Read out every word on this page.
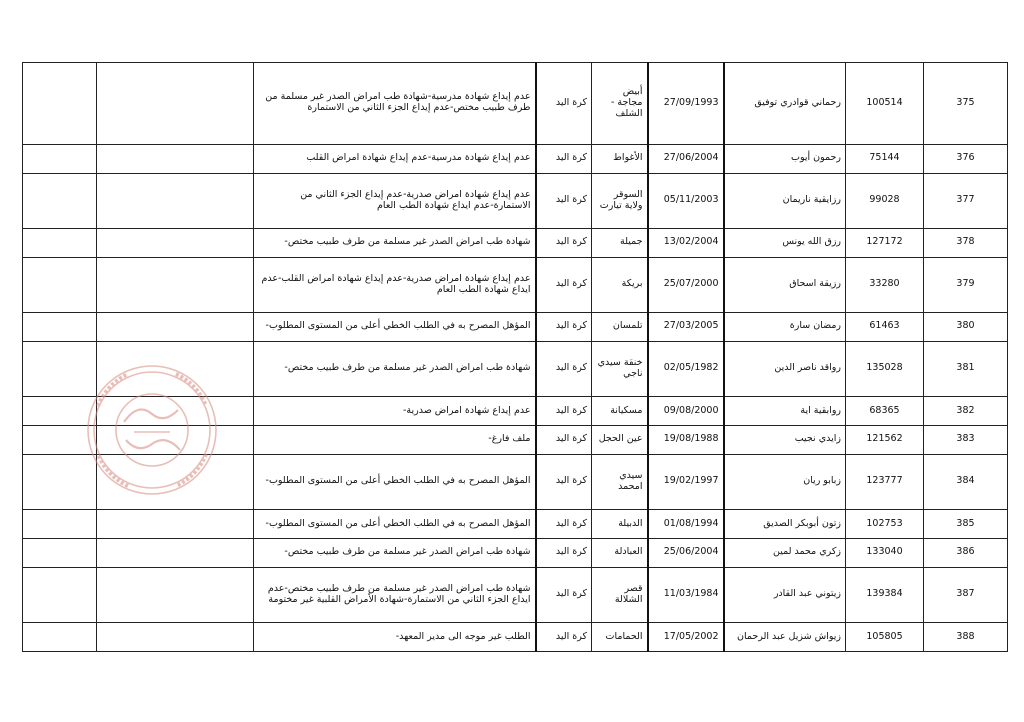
375	100514	رحماني قوادري توفيق	27/09/1993	أبيض مجاجة - الشلف	كرة اليد	عدم إيداع شهادة مدرسية-شهادة طب امراض الصدر غير مسلمة من طرف طبيب مختص-عدم إيداع الجزء الثاني من الاستمارة		
376	75144	رحمون أيوب	27/06/2004	الأغواط	كرة اليد	عدم إيداع شهادة مدرسية-عدم إيداع شهادة امراض القلب		
377	99028	رزايقية ناريمان	05/11/2003	السوقر ولاية تيارت	كرة اليد	عدم إيداع شهادة امراض صدرية-عدم إيداع الجزء الثاني من الاستمارة-عدم ايداع شهادة الطب العام		
378	127172	رزق الله يونس	13/02/2004	جميلة	كرة اليد	شهادة طب امراض الصدر غير مسلمة من طرف طبيب مختص-		
379	33280	رزيقة اسحاق	25/07/2000	بريكة	كرة اليد	عدم إيداع شهادة امراض صدرية-عدم إيداع شهادة امراض القلب-عدم ايداع شهادة الطب العام		
380	61463	رمضان سارة	27/03/2005	تلمسان	كرة اليد	المؤهل المصرح به في الطلب الخطي أعلى من المستوى المطلوب-		
381	135028	رواقد ناصر الدين	02/05/1982	خنقة سيدي ناجي	كرة اليد	شهادة طب امراض الصدر غير مسلمة من طرف طبيب مختص-		
382	68365	روابقية اية	09/08/2000	مسكيانة	كرة اليد	عدم إيداع شهادة امراض صدرية-		
383	121562	زايدي نجيب	19/08/1988	عين الحجل	كرة اليد	ملف فارغ-		
384	123777	زبابو ريان	19/02/1997	سيدي امحمد	كرة اليد	المؤهل المصرح به في الطلب الخطي أعلى من المستوى المطلوب-		
385	102753	زتون أبوبكر الصديق	01/08/1994	الدبيلة	كرة اليد	المؤهل المصرح به في الطلب الخطي أعلى من المستوى المطلوب-		
386	133040	زكري محمد لمين	25/06/2004	العبادلة	كرة اليد	شهادة طب امراض الصدر غير مسلمة من طرف طبيب مختص-		
387	139384	زيتوني عبد القادر	11/03/1984	قصر الشلالة	كرة اليد	شهادة طب امراض الصدر غير مسلمة من طرف طبيب مختص-عدم ايداع الجزء الثاني من الاستمارة-شهادة الأمراض القلبية غير مختومة		
388	105805	زيواش شزيل عبد الرحمان	17/05/2002	الحمامات	كرة اليد	الطلب غير موجه الى مدير المعهد-		
